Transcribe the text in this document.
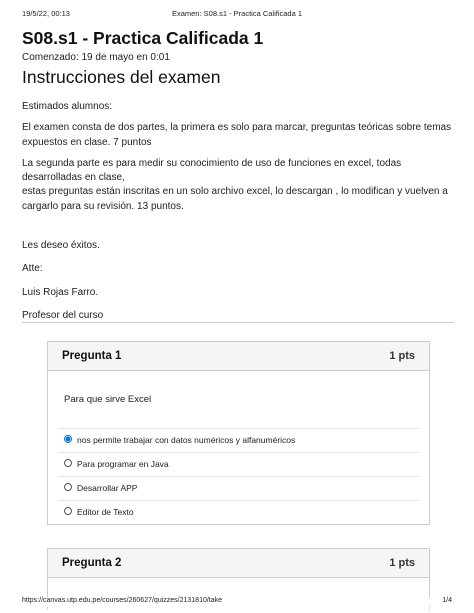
19/5/22, 00:13	Examen: S08.s1 - Practica Calificada 1
S08.s1 - Practica Calificada 1
Comenzado: 19 de mayo en 0:01
Instrucciones del examen

Estimados alumnos:

El examen consta de dos partes, la primera es solo para marcar, preguntas teóricas sobre temas expuestos en clase. 7 puntos

La segunda parte es para medir su conocimiento de uso de funciones en excel, todas desarrolladas en clase,

estas preguntas están inscritas en un solo archivo excel, lo descargan , lo modifican y vuelven a cargarlo para su revisión. 13 puntos.

Les deseo éxitos.

Atte:

Luis Rojas Farro.

Profesor del curso

Pregunta 1	1 pts
Para que sirve Excel
nos permite trabajar con datos numéricos y alfanuméricos
Para programar en Java
Desarrollar APP
Editor de Texto
Pregunta 2	1 pts
https://canvas.utp.edu.pe/courses/260627/quizzes/2131810/take	1/4
